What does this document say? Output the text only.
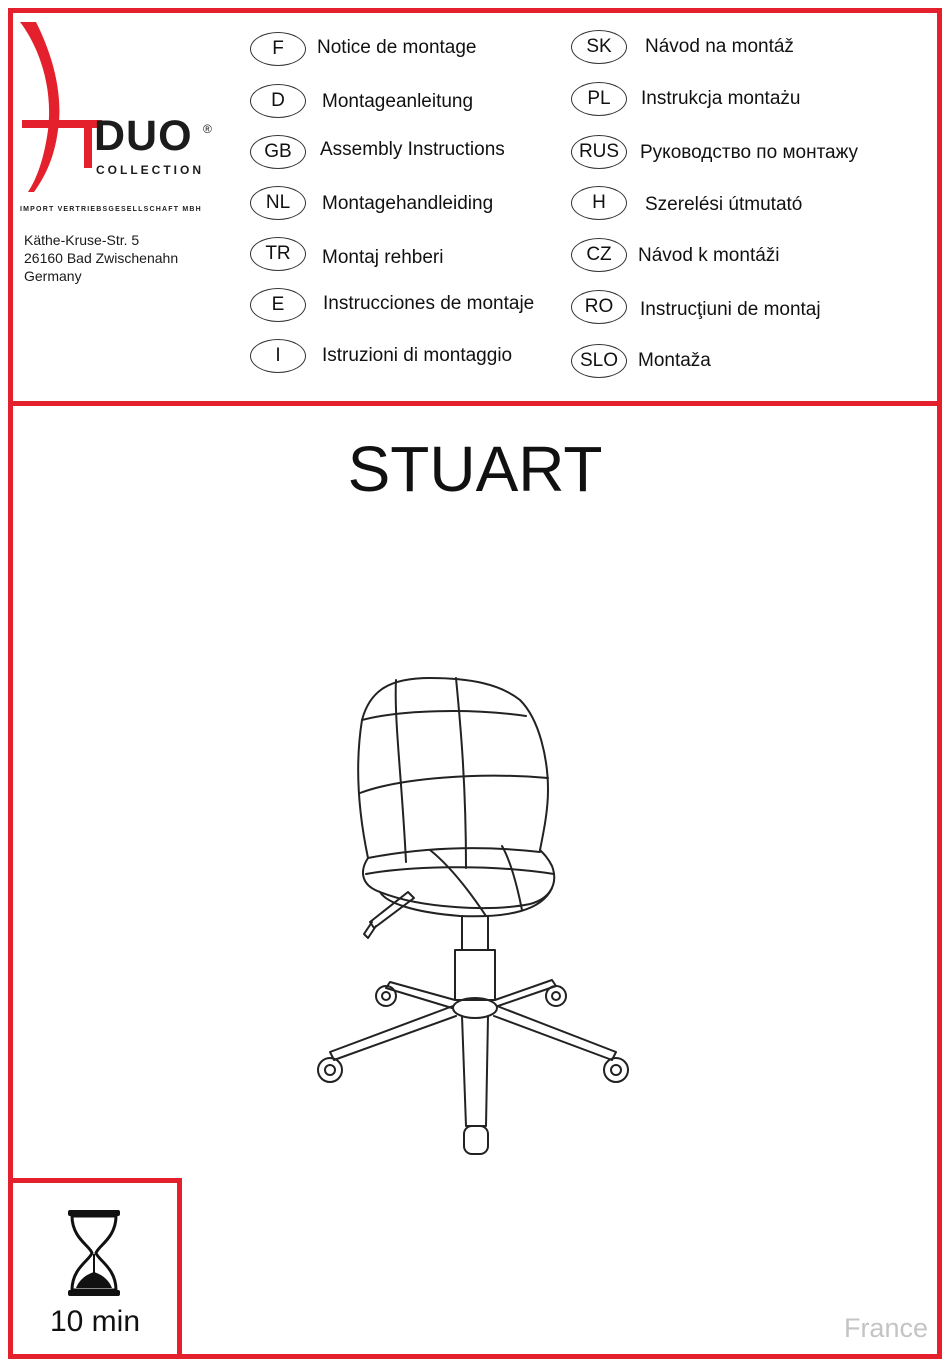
DUO ®
COLLECTION
IMPORT VERTRIEBSGESELLSCHAFT MBH
Käthe-Kruse-Str. 5
26160 Bad Zwischenahn
Germany
F	Notice de montage
D	Montageanleitung
GB	Assembly Instructions
NL	Montagehandleiding
TR	Montaj rehberi
E	Instrucciones de montaje
I	Istruzioni di montaggio
SK	Návod na montáž
PL	Instrukcja montażu
RUS	Руководство по монтажу
H	Szerelési útmutató
CZ	Návod k montáži
RO	Instrucţiuni de montaj
SLO	Montaža
STUART
10 min	France
